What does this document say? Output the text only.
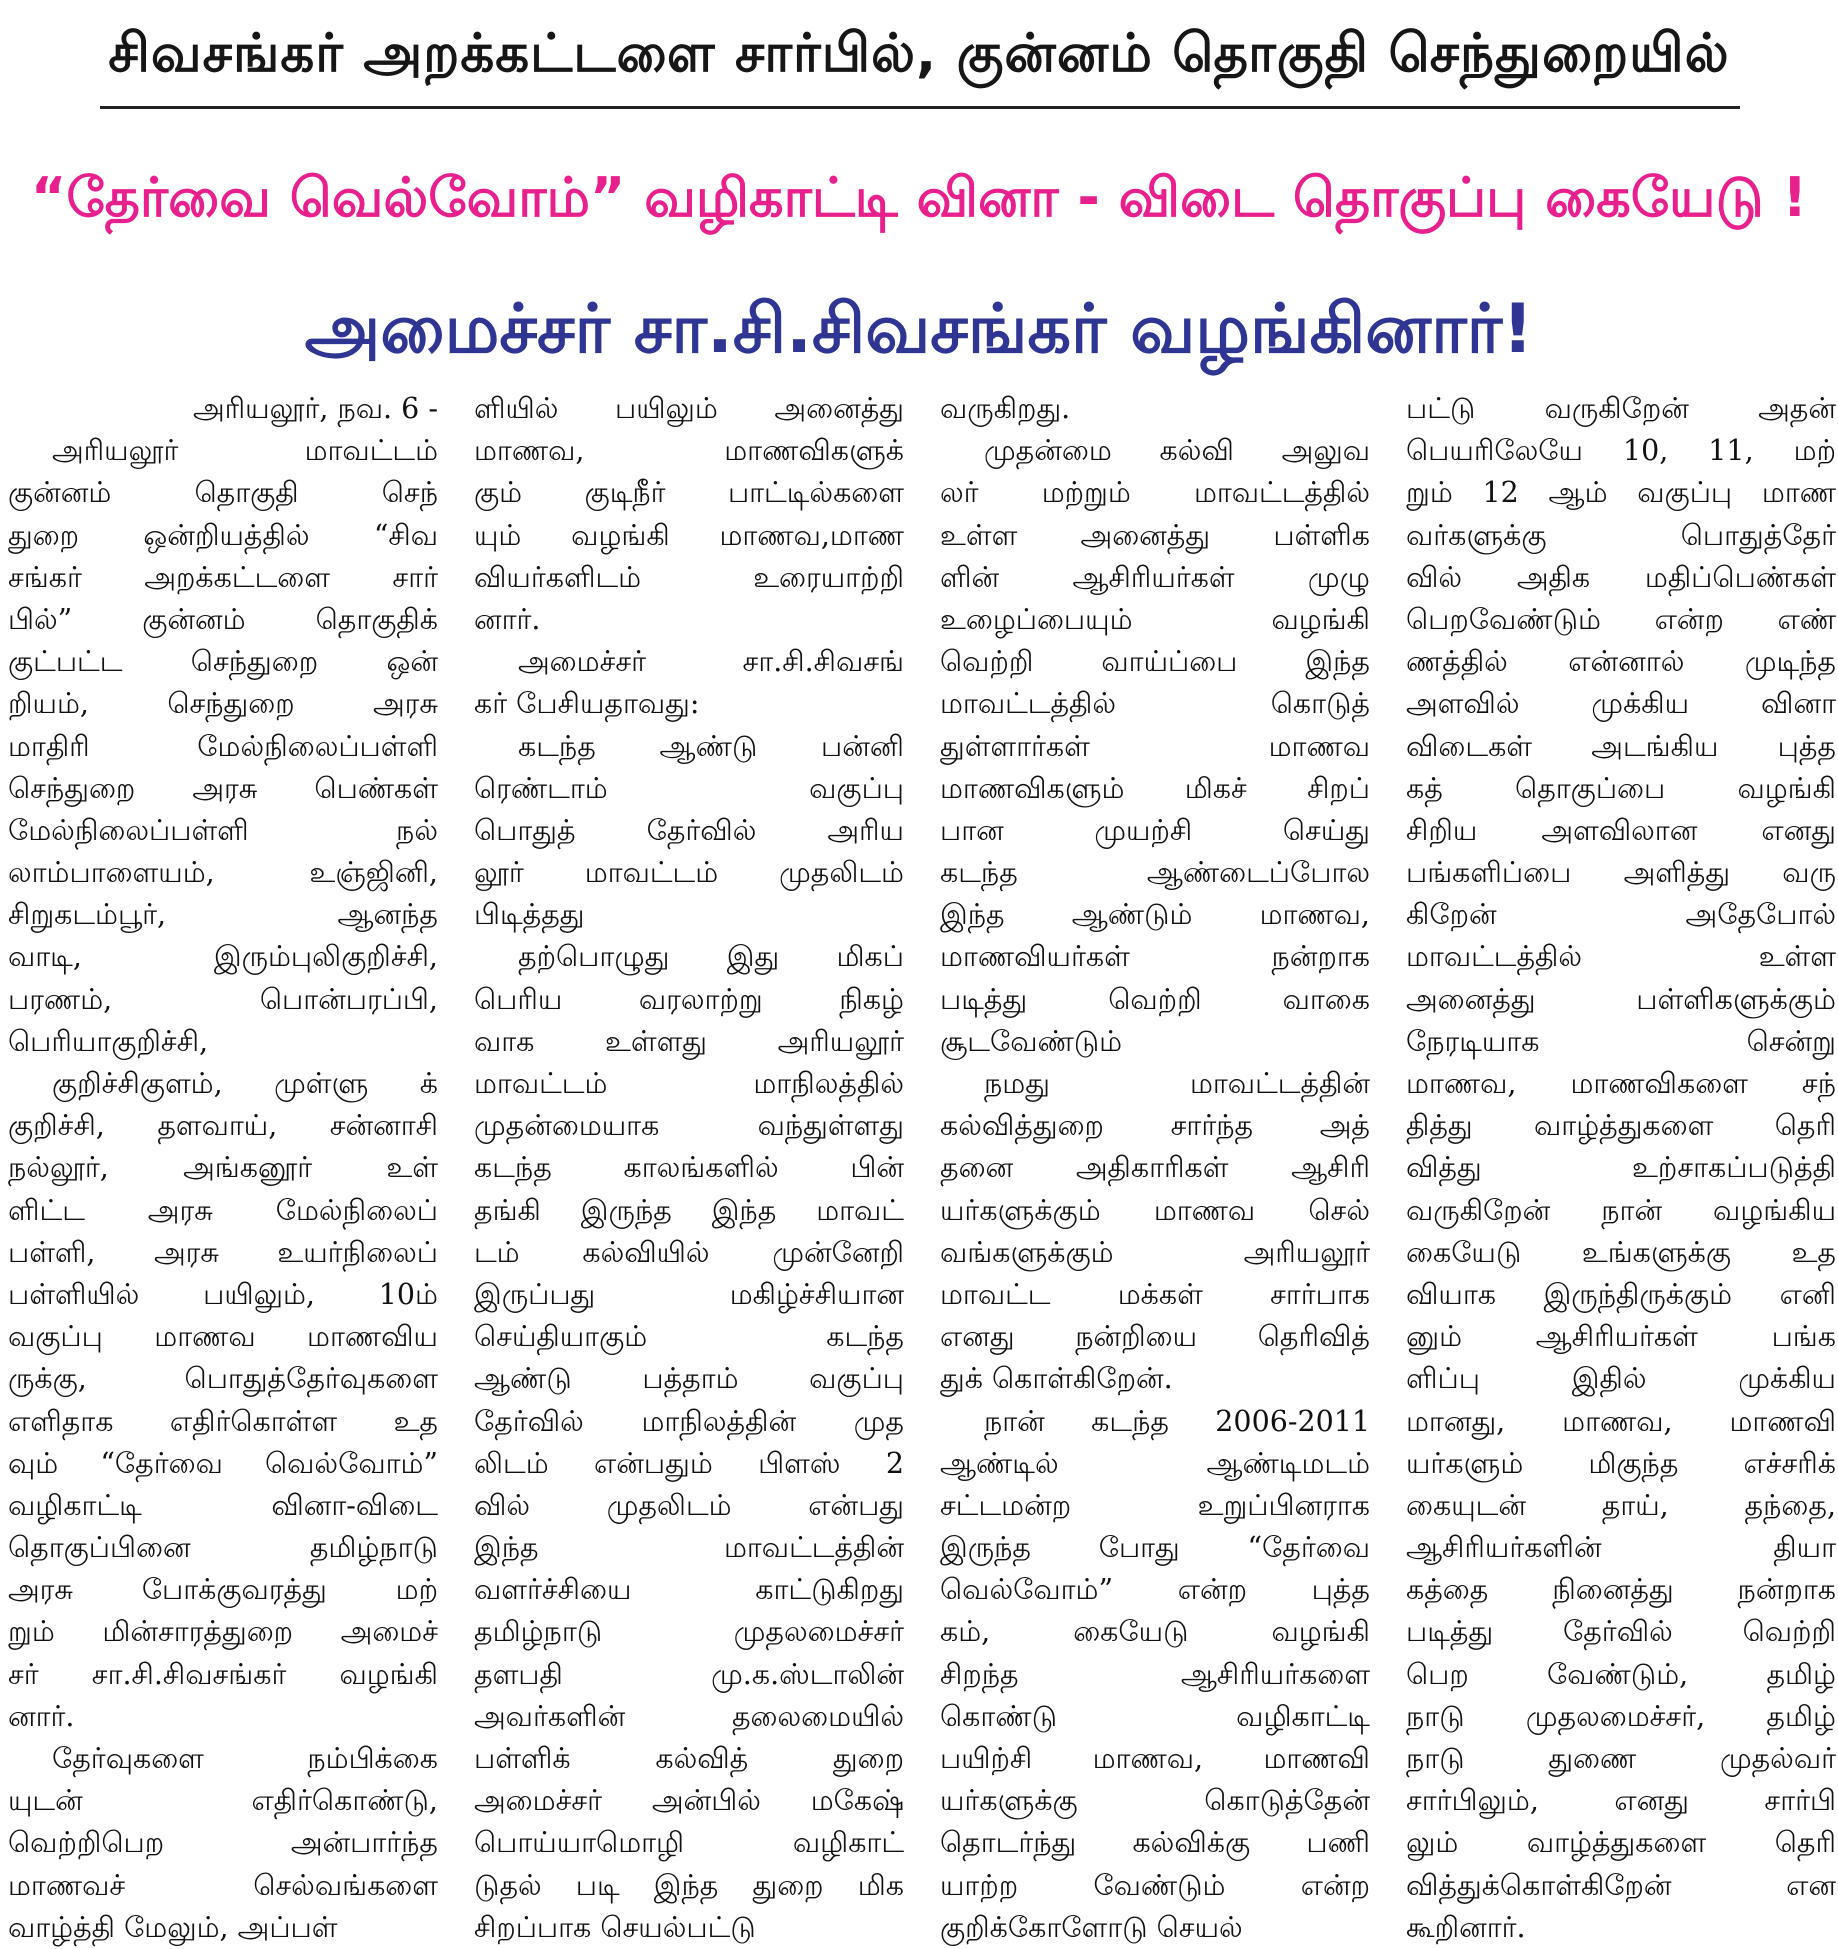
சிவசங்கர் அறக்கட்டளை சார்பில், குன்னம் தொகுதி செந்துறையில்
“தேர்வை வெல்வோம்” வழிகாட்டி வினா - விடை தொகுப்பு கையேடு !
அமைச்சர் சா.சி.சிவசங்கர் வழங்கினார்!
அரியலூர், நவ. 6 -
அரியலூர் மாவட்டம்
குன்னம் தொகுதி செந்
துறை ஒன்றியத்தில் “சிவ
சங்கர் அறக்கட்டளை சார்
பில்” குன்னம் தொகுதிக்
குட்பட்ட செந்துறை ஒன்
றியம், செந்துறை அரசு
மாதிரி மேல்நிலைப்பள்ளி
செந்துறை அரசு பெண்கள்
மேல்நிலைப்பள்ளி நல்
லாம்பாளையம், உஞ்ஜினி,
சிறுகடம்பூர், ஆனந்த
வாடி, இரும்புலிகுறிச்சி,
பரணம், பொன்பரப்பி,
பெரியாகுறிச்சி,
குறிச்சிகுளம், முள்ளு க்
குறிச்சி, தளவாய், சன்னாசி
நல்லூர், அங்கனூர் உள்
ளிட்ட அரசு மேல்நிலைப்
பள்ளி, அரசு உயர்நிலைப்
பள்ளியில் பயிலும், 10ம்
வகுப்பு மாணவ மாணவிய
ருக்கு, பொதுத்தேர்வுகளை
எளிதாக எதிர்கொள்ள உத
வும் “தேர்வை வெல்வோம்”
வழிகாட்டி வினா-விடை
தொகுப்பினை தமிழ்நாடு
அரசு போக்குவரத்து மற்
றும் மின்சாரத்துறை அமைச்
சர் சா.சி.சிவசங்கர் வழங்கி
னார்.
தேர்வுகளை நம்பிக்கை
யுடன் எதிர்கொண்டு,
வெற்றிபெற அன்பார்ந்த
மாணவச் செல்வங்களை
வாழ்த்தி மேலும், அப்பள்
ளியில் பயிலும் அனைத்து
மாணவ, மாணவிகளுக்
கும் குடிநீர் பாட்டில்களை
யும் வழங்கி மாணவ,மாண
வியர்களிடம் உரையாற்றி
னார்.
அமைச்சர் சா.சி.சிவசங்
கர் பேசியதாவது:
கடந்த ஆண்டு பன்னி
ரெண்டாம் வகுப்பு
பொதுத் தேர்வில் அரிய
லூர் மாவட்டம் முதலிடம்
பிடித்தது
தற்பொழுது இது மிகப்
பெரிய வரலாற்று நிகழ்
வாக உள்ளது அரியலூர்
மாவட்டம் மாநிலத்தில்
முதன்மையாக வந்துள்ளது
கடந்த காலங்களில் பின்
தங்கி இருந்த இந்த மாவட்
டம் கல்வியில் முன்னேறி
இருப்பது மகிழ்ச்சியான
செய்தியாகும் கடந்த
ஆண்டு பத்தாம் வகுப்பு
தேர்வில் மாநிலத்தின் முத
லிடம் என்பதும் பிளஸ் 2
வில் முதலிடம் என்பது
இந்த மாவட்டத்தின்
வளர்ச்சியை காட்டுகிறது
தமிழ்நாடு முதலமைச்சர்
தளபதி மு.க.ஸ்டாலின்
அவர்களின் தலைமையில்
பள்ளிக் கல்வித் துறை
அமைச்சர் அன்பில் மகேஷ்
பொய்யாமொழி வழிகாட்
டுதல் படி இந்த துறை மிக
சிறப்பாக செயல்பட்டு
வருகிறது.
முதன்மை கல்வி அலுவ
லர் மற்றும் மாவட்டத்தில்
உள்ள அனைத்து பள்ளிக
ளின் ஆசிரியர்கள் முழு
உழைப்பையும் வழங்கி
வெற்றி வாய்ப்பை இந்த
மாவட்டத்தில் கொடுத்
துள்ளார்கள் மாணவ
மாணவிகளும் மிகச் சிறப்
பான முயற்சி செய்து
கடந்த ஆண்டைப்போல
இந்த ஆண்டும் மாணவ,
மாணவியர்கள் நன்றாக
படித்து வெற்றி வாகை
சூடவேண்டும்
நமது மாவட்டத்தின்
கல்வித்துறை சார்ந்த அத்
தனை அதிகாரிகள் ஆசிரி
யர்களுக்கும் மாணவ செல்
வங்களுக்கும் அரியலூர்
மாவட்ட மக்கள் சார்பாக
எனது நன்றியை தெரிவித்
துக் கொள்கிறேன்.
நான் கடந்த 2006-2011
ஆண்டில் ஆண்டிமடம்
சட்டமன்ற உறுப்பினராக
இருந்த போது “தேர்வை
வெல்வோம்” என்ற புத்த
கம், கையேடு வழங்கி
சிறந்த ஆசிரியர்களை
கொண்டு வழிகாட்டி
பயிற்சி மாணவ, மாணவி
யர்களுக்கு கொடுத்தேன்
தொடர்ந்து கல்விக்கு பணி
யாற்ற வேண்டும் என்ற
குறிக்கோளோடு செயல்
பட்டு வருகிறேன் அதன்
பெயரிலேயே 10, 11, மற்
றும் 12 ஆம் வகுப்பு மாண
வர்களுக்கு பொதுத்தேர்
வில் அதிக மதிப்பெண்கள்
பெறவேண்டும் என்ற எண்
ணத்தில் என்னால் முடிந்த
அளவில் முக்கிய வினா
விடைகள் அடங்கிய புத்த
கத் தொகுப்பை வழங்கி
சிறிய அளவிலான எனது
பங்களிப்பை அளித்து வரு
கிறேன் அதேபோல்
மாவட்டத்தில் உள்ள
அனைத்து பள்ளிகளுக்கும்
நேரடியாக சென்று
மாணவ, மாணவிகளை சந்
தித்து வாழ்த்துகளை தெரி
வித்து உற்சாகப்படுத்தி
வருகிறேன் நான் வழங்கிய
கையேடு உங்களுக்கு உத
வியாக இருந்திருக்கும் எனி
னும் ஆசிரியர்கள் பங்க
ளிப்பு இதில் முக்கிய
மானது, மாணவ, மாணவி
யர்களும் மிகுந்த எச்சரிக்
கையுடன் தாய், தந்தை,
ஆசிரியர்களின் தியா
கத்தை நினைத்து நன்றாக
படித்து தேர்வில் வெற்றி
பெற வேண்டும், தமிழ்
நாடு முதலமைச்சர், தமிழ்
நாடு துணை முதல்வர்
சார்பிலும், எனது சார்பி
லும் வாழ்த்துகளை தெரி
வித்துக்கொள்கிறேன் என
கூறினார்.
